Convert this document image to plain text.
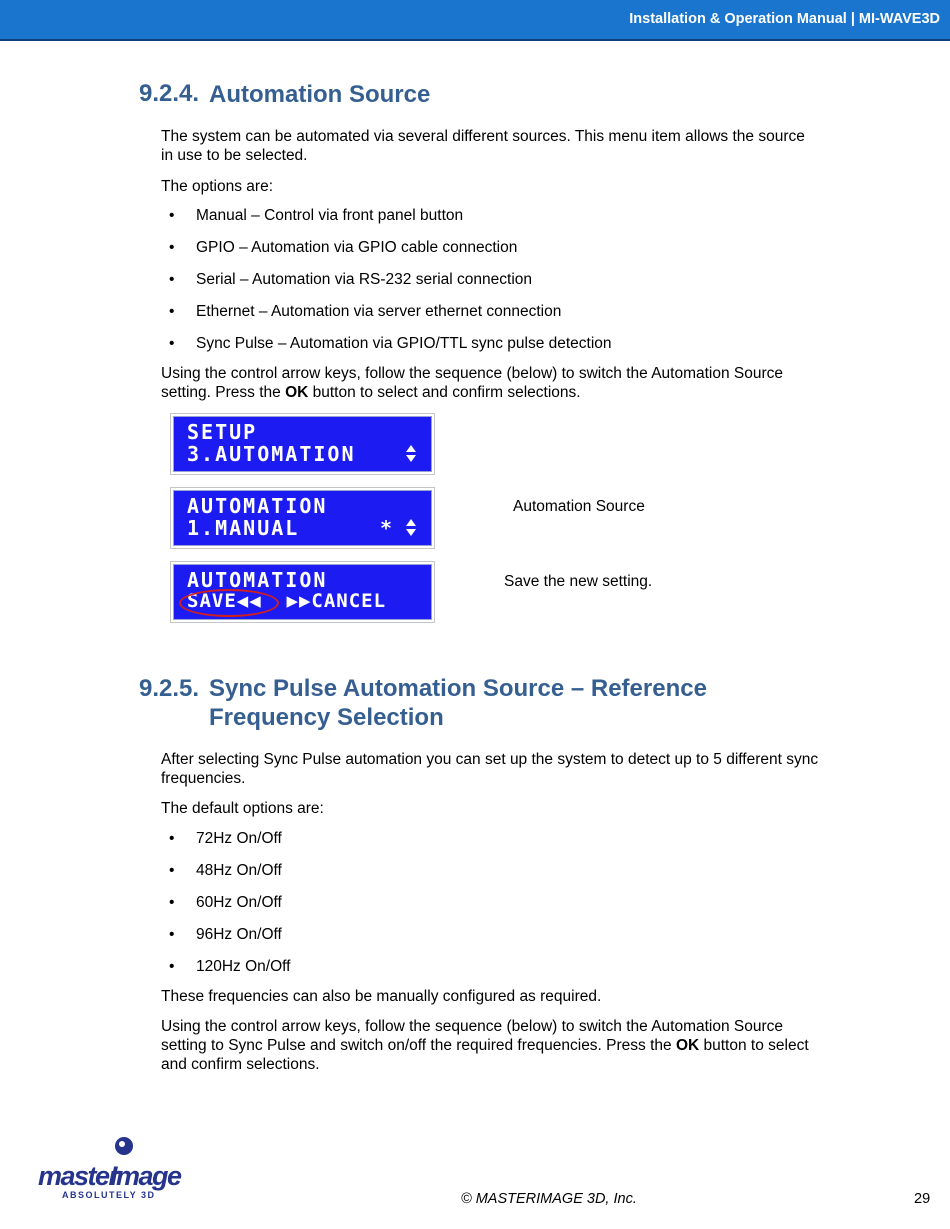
Installation & Operation Manual | MI-WAVE3D
9.2.4. Automation Source

The system can be automated via several different sources. This menu item allows the source in use to be selected.

The options are:

• Manual – Control via front panel button
• GPIO – Automation via GPIO cable connection
• Serial – Automation via RS-232 serial connection
• Ethernet – Automation via server ethernet connection
• Sync Pulse – Automation via GPIO/TTL sync pulse detection

Using the control arrow keys, follow the sequence (below) to switch the Automation Source setting. Press the OK button to select and confirm selections.

SETUP
3.AUTOMATION
AUTOMATION
1.MANUAL	*
Automation Source
AUTOMATION
SAVE◀◀  ▶▶CANCEL
Save the new setting.
9.2.5. Sync Pulse Automation Source – Reference
Frequency Selection

After selecting Sync Pulse automation you can set up the system to detect up to 5 different sync frequencies.

The default options are:

• 72Hz On/Off
• 48Hz On/Off
• 60Hz On/Off
• 96Hz On/Off
• 120Hz On/Off

These frequencies can also be manually configured as required.

Using the control arrow keys, follow the sequence (below) to switch the Automation Source setting to Sync Pulse and switch on/off the required frequencies. Press the OK button to select and confirm selections.

master
Image
ABSOLUTELY 3D	© MASTERIMAGE 3D, Inc.	29
